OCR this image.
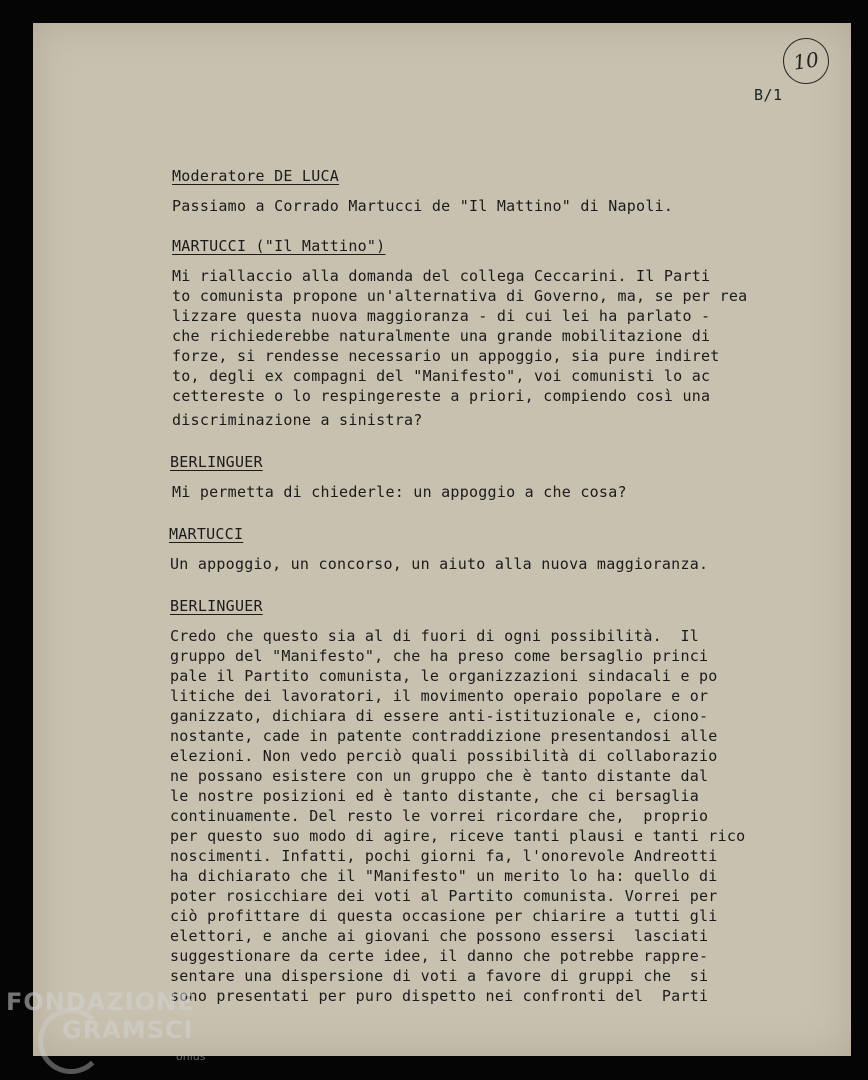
10
B/1
Moderatore DE LUCA
Passiamo a Corrado Martucci de "Il Mattino" di Napoli.
MARTUCCI ("Il Mattino")
Mi riallaccio alla domanda del collega Ceccarini. Il Parti
to comunista propone un'alternativa di Governo, ma, se per rea
lizzare questa nuova maggioranza - di cui lei ha parlato -
che richiederebbe naturalmente una grande mobilitazione di
forze, si rendesse necessario un appoggio, sia pure indiret
to, degli ex compagni del "Manifesto", voi comunisti lo ac
cettereste o lo respingereste a priori, compiendo così una
discriminazione a sinistra?
BERLINGUER
Mi permetta di chiederle: un appoggio a che cosa?
MARTUCCI
Un appoggio, un concorso, un aiuto alla nuova maggioranza.
BERLINGUER
Credo che questo sia al di fuori di ogni possibilità.  Il
gruppo del "Manifesto", che ha preso come bersaglio princi
pale il Partito comunista, le organizzazioni sindacali e po
litiche dei lavoratori, il movimento operaio popolare e or
ganizzato, dichiara di essere anti-istituzionale e, ciono-
nostante, cade in patente contraddizione presentandosi alle
elezioni. Non vedo perciò quali possibilità di collaborazio
ne possano esistere con un gruppo che è tanto distante dal
le nostre posizioni ed è tanto distante, che ci bersaglia
continuamente. Del resto le vorrei ricordare che,  proprio
per questo suo modo di agire, riceve tanti plausi e tanti rico
noscimenti. Infatti, pochi giorni fa, l'onorevole Andreotti
ha dichiarato che il "Manifesto" un merito lo ha: quello di
poter rosicchiare dei voti al Partito comunista. Vorrei per
ciò profittare di questa occasione per chiarire a tutti gli
elettori, e anche ai giovani che possono essersi  lasciati
suggestionare da certe idee, il danno che potrebbe rappre-
sentare una dispersione di voti a favore di gruppi che  si
sono presentati per puro dispetto nei confronti del  Parti
FONDAZIONE
GRAMSCI
onlus
